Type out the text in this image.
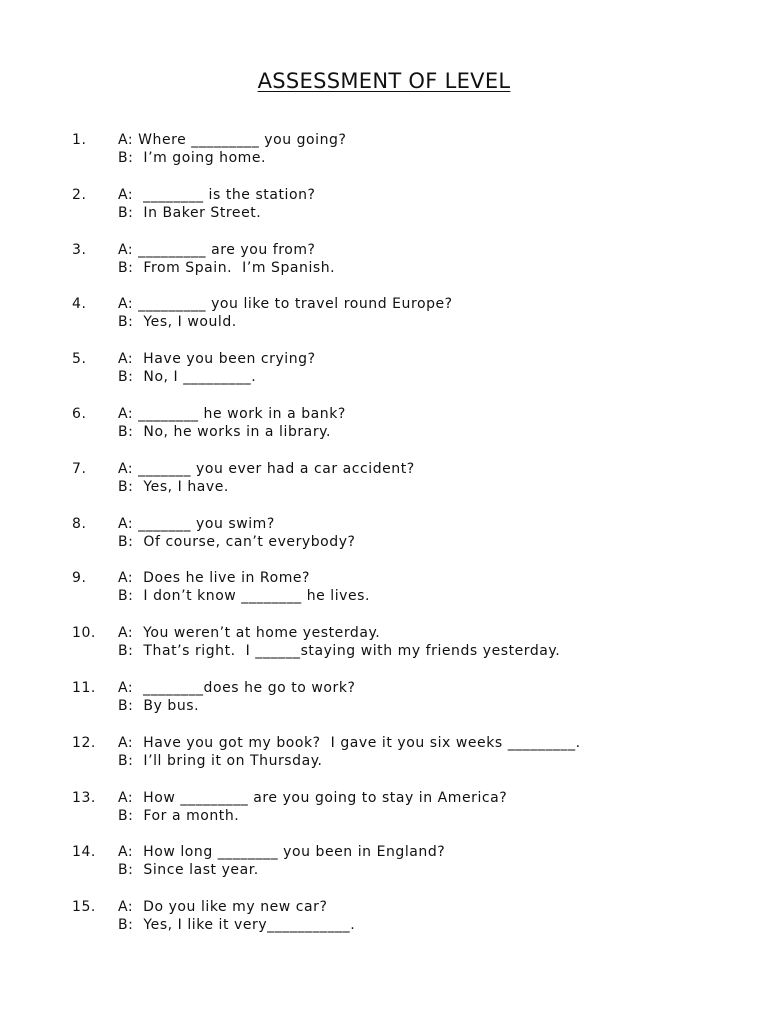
ASSESSMENT OF LEVEL
1. A: Where _________ you going?
B:  I’m going home.
2. A:  ________ is the station?
B:  In Baker Street.
3. A: _________ are you from?
B:  From Spain.  I’m Spanish.
4. A: _________ you like to travel round Europe?
B:  Yes, I would.
5. A:  Have you been crying?
B:  No, I _________.
6. A: ________ he work in a bank?
B:  No, he works in a library.
7. A: _______ you ever had a car accident?
B:  Yes, I have.
8. A: _______ you swim?
B:  Of course, can’t everybody?
9. A:  Does he live in Rome?
B:  I don’t know ________ he lives.
10. A:  You weren’t at home yesterday.
B:  That’s right.  I ______staying with my friends yesterday.
11. A:  ________does he go to work?
B:  By bus.
12. A:  Have you got my book?  I gave it you six weeks _________.
B:  I’ll bring it on Thursday.
13. A:  How _________ are you going to stay in America?
B:  For a month.
14. A:  How long ________ you been in England?
B:  Since last year.
15. A:  Do you like my new car?
B:  Yes, I like it very___________.
